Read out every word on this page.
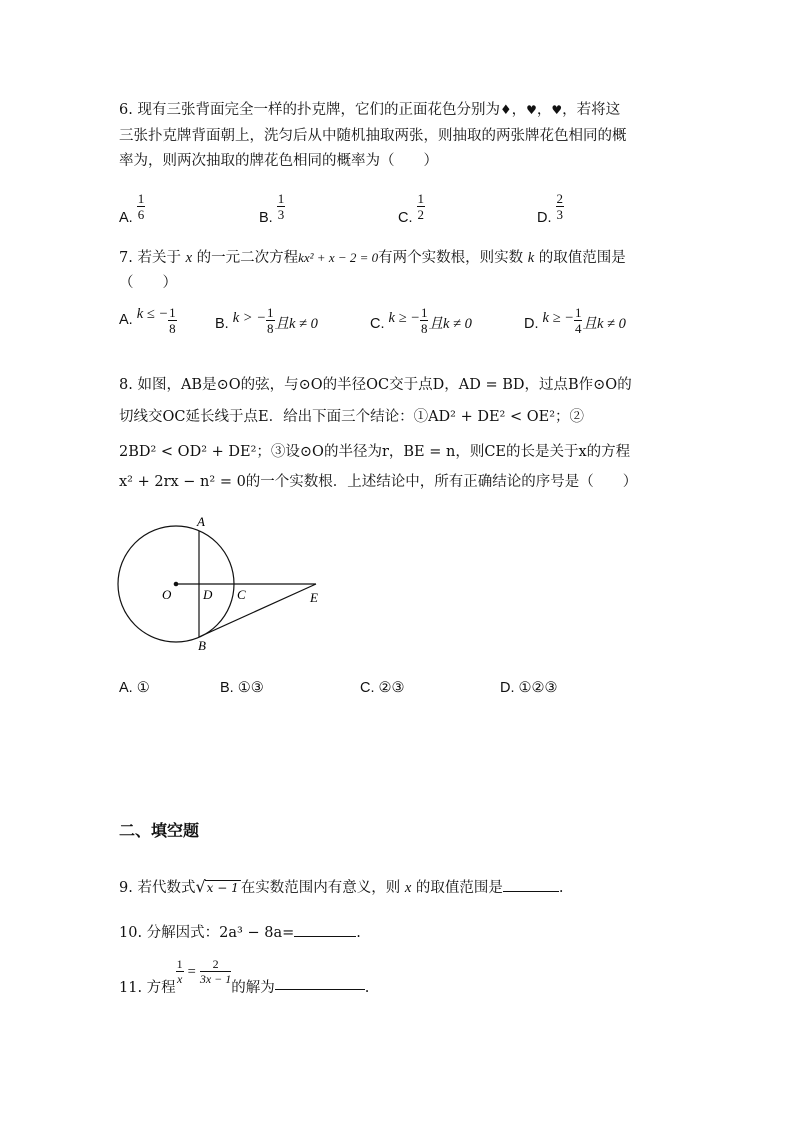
6. 现有三张背面完全一样的扑克牌，它们的正面花色分别为♦，♥，♥，若将这
三张扑克牌背面朝上，洗匀后从中随机抽取两张，则抽取的两张牌花色相同的概
率为，则两次抽取的牌花色相同的概率为（　　）
A. $\frac{1}{6}$	B. $\frac{1}{3}$	C. $\frac{1}{2}$	D. $\frac{2}{3}$
7. 若关于 x 的一元二次方程kx² + x − 2 = 0有两个实数根，则实数 k 的取值范围是
（　　）
A. k ≤ − $\frac{1}{8}$	B. k > − $\frac{1}{8}$ 且k ≠ 0	C. k ≥ − $\frac{1}{8}$ 且k ≠ 0	D. k ≥ − $\frac{1}{4}$ 且k ≠ 0
8. 如图，AB是⊙O的弦，与⊙O的半径OC交于点D，AD = BD，过点B作⊙O的
切线交OC延长线于点E．给出下面三个结论：①AD² + DE² < OE²；②
2BD² < OD² + DE²；③设⊙O的半径为r，BE = n，则CE的长是关于x的方程
x² + 2rx − n² = 0的一个实数根．上述结论中，所有正确结论的序号是（　　）
A
B
O D C	E
A. ①	B. ①③	C. ②③	D. ①②③
二、填空题
9. 若代数式√x − 1 在实数范围内有意义，则 x 的取值范围是	.
10. 分解因式：2a³ − 8a=	.
11. 方程
$\frac{1}{x} = \frac{2}{3x - 1}$
的解为	.
